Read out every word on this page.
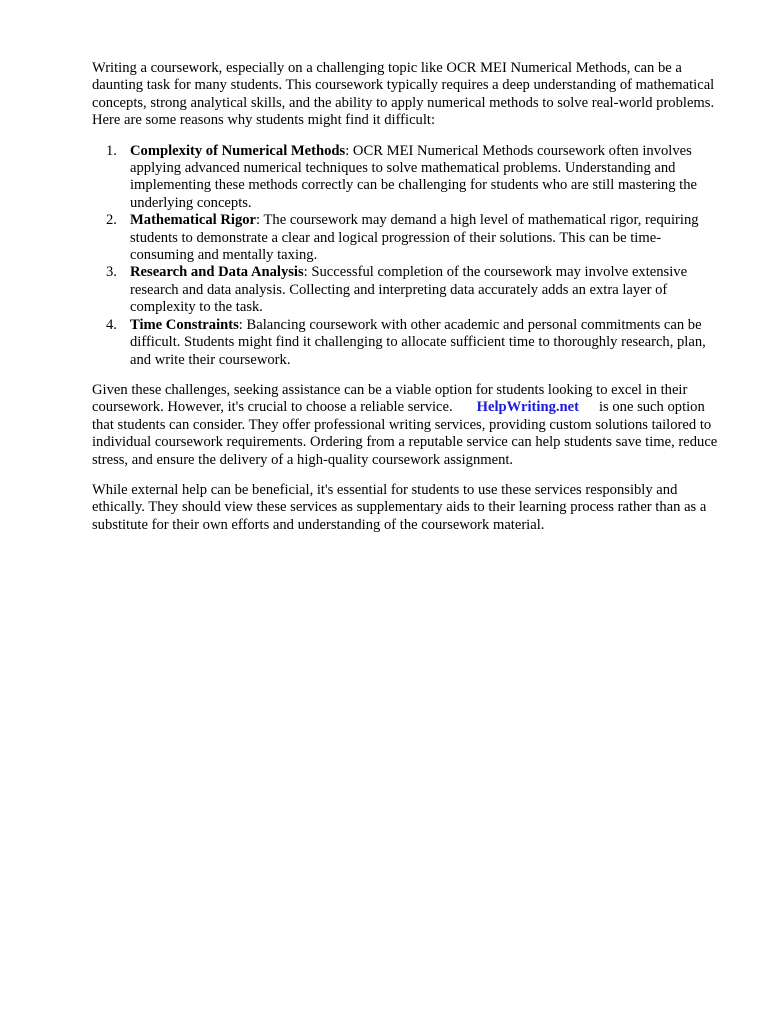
Writing a coursework, especially on a challenging topic like OCR MEI Numerical Methods, can be a daunting task for many students. This coursework typically requires a deep understanding of mathematical concepts, strong analytical skills, and the ability to apply numerical methods to solve real-world problems. Here are some reasons why students might find it difficult:

1. Complexity of Numerical Methods: OCR MEI Numerical Methods coursework often involves applying advanced numerical techniques to solve mathematical problems. Understanding and implementing these methods correctly can be challenging for students who are still mastering the underlying concepts.
2. Mathematical Rigor: The coursework may demand a high level of mathematical rigor, requiring students to demonstrate a clear and logical progression of their solutions. This can be time-consuming and mentally taxing.
3. Research and Data Analysis: Successful completion of the coursework may involve extensive research and data analysis. Collecting and interpreting data accurately adds an extra layer of complexity to the task.
4. Time Constraints: Balancing coursework with other academic and personal commitments can be difficult. Students might find it challenging to allocate sufficient time to thoroughly research, plan, and write their coursework.

Given these challenges, seeking assistance can be a viable option for students looking to excel in their coursework. However, it's crucial to choose a reliable service. HelpWriting.net is one such option that students can consider. They offer professional writing services, providing custom solutions tailored to individual coursework requirements. Ordering from a reputable service can help students save time, reduce stress, and ensure the delivery of a high-quality coursework assignment.

While external help can be beneficial, it's essential for students to use these services responsibly and ethically. They should view these services as supplementary aids to their learning process rather than as a substitute for their own efforts and understanding of the coursework material.
